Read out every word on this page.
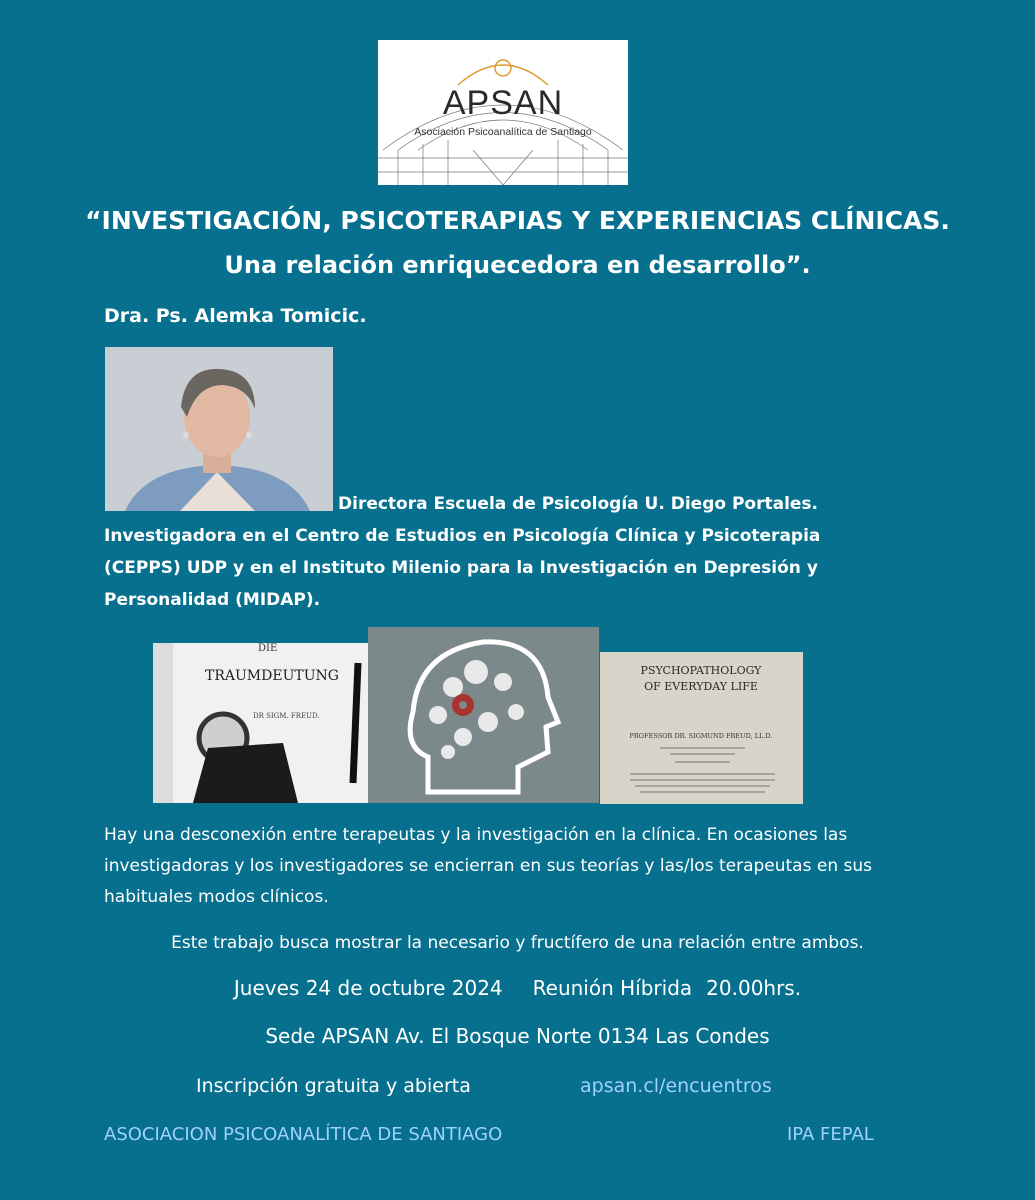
APSAN
Asociación Psicoanalítica de Santiago
“INVESTIGACIÓN, PSICOTERAPIAS Y EXPERIENCIAS CLÍNICAS.
Una relación enriquecedora en desarrollo”.
Dra. Ps. Alemka Tomicic.
Directora Escuela de Psicología U. Diego Portales.
Investigadora en el Centro de Estudios en Psicología Clínica y Psicoterapia
(CEPPS) UDP y en el Instituto Milenio para la Investigación en Depresión y
Personalidad (MIDAP).
DIE
TRAUMDEUTUNG
DR SIGM. FREUD.
PSYCHOPATHOLOGY
OF EVERYDAY LIFE
PROFESSOR DR. SIGMUND FREUD, LL.D.
Hay una desconexión entre terapeutas y la investigación en la clínica. En ocasiones las investigadoras y los investigadores se encierran en sus teorías y las/los terapeutas en sus habituales modos clínicos.
Este trabajo busca mostrar la necesario y fructífero de una relación entre ambos.
Jueves 24 de octubre 2024 Reunión Híbrida 20.00hrs.
Sede APSAN Av. El Bosque Norte 0134 Las Condes
Inscripción gratuita y abierta	apsan.cl/encuentros
ASOCIACION PSICOANALÍTICA DE SANTIAGO	IPA FEPAL
